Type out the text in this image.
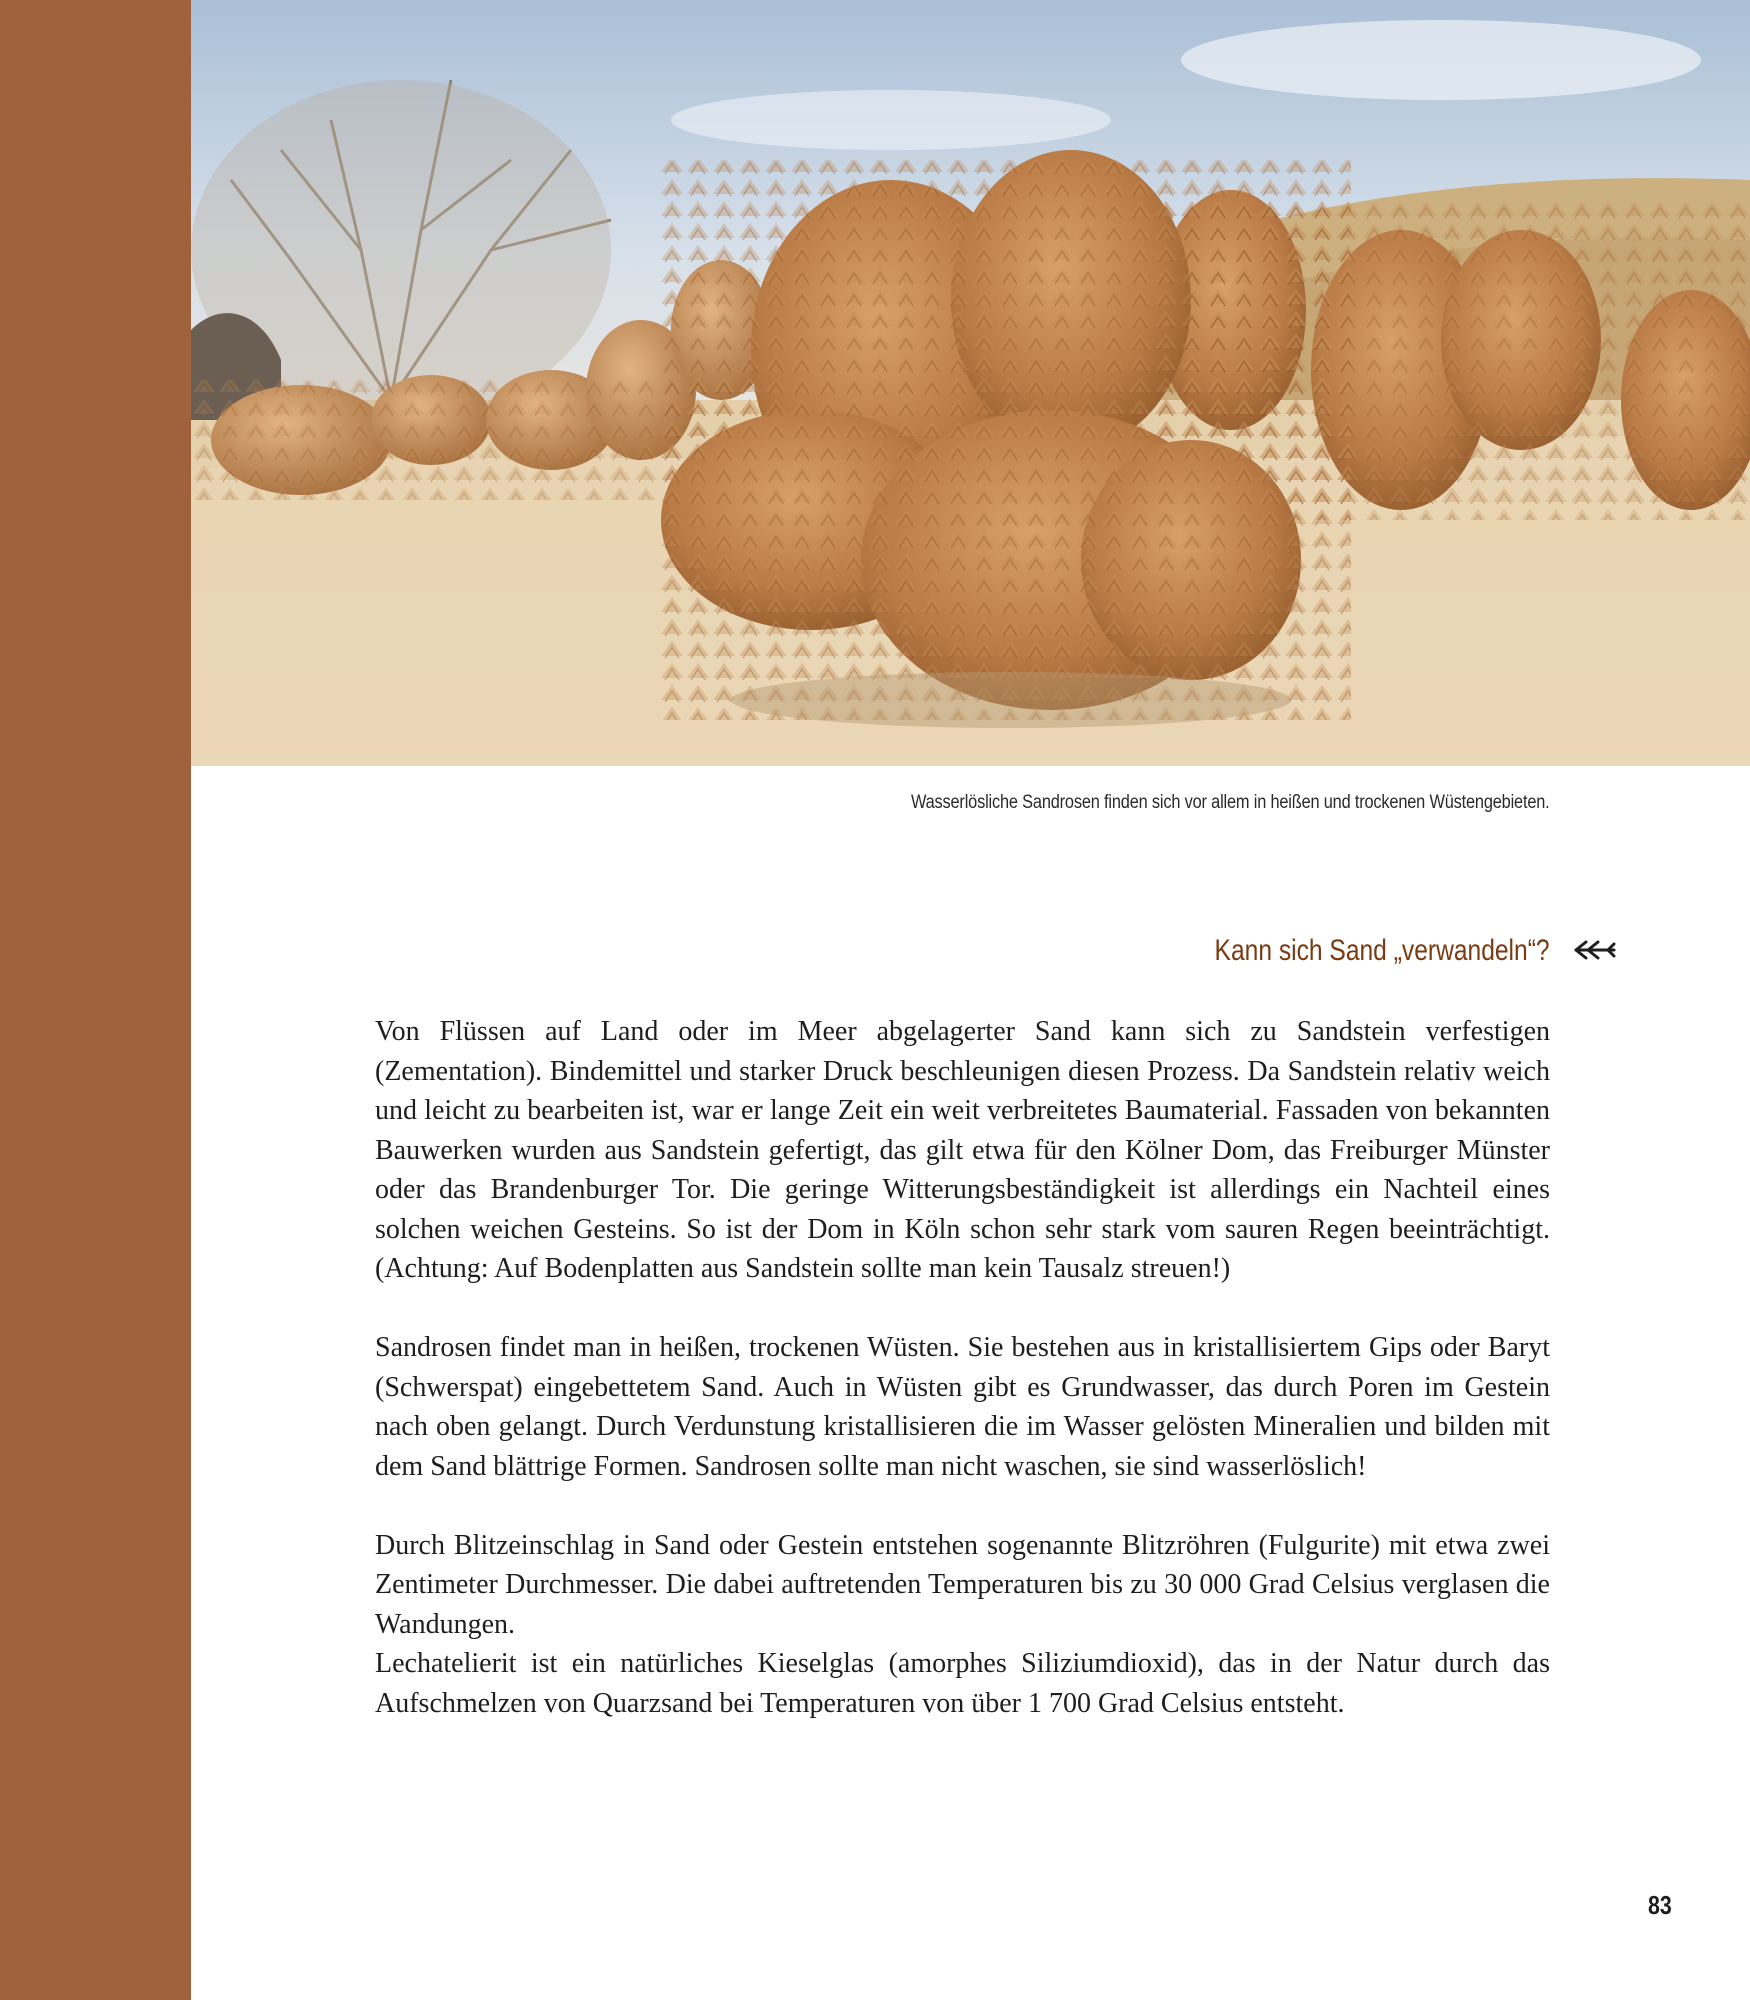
Wasserlösliche Sandrosen finden sich vor allem in heißen und trockenen Wüstengebieten.
Kann sich Sand „verwandeln“?

Von Flüssen auf Land oder im Meer abgelagerter Sand kann sich zu Sandstein verfestigen (Zementation). Bindemittel und starker Druck beschleunigen diesen Prozess. Da Sandstein relativ weich und leicht zu bearbeiten ist, war er lange Zeit ein weit verbreitetes Baumaterial. Fassaden von bekannten Bauwerken wurden aus Sandstein gefertigt, das gilt etwa für den Kölner Dom, das Freiburger Münster oder das Brandenburger Tor. Die geringe Witterungsbeständigkeit ist allerdings ein Nachteil eines solchen weichen Gesteins. So ist der Dom in Köln schon sehr stark vom sauren Regen beeinträchtigt. (Achtung: Auf Bodenplatten aus Sandstein sollte man kein Tausalz streuen!)

Sandrosen findet man in heißen, trockenen Wüsten. Sie bestehen aus in kristallisiertem Gips oder Baryt (Schwerspat) eingebettetem Sand. Auch in Wüsten gibt es Grundwasser, das durch Poren im Gestein nach oben gelangt. Durch Verdunstung kristallisieren die im Wasser gelösten Mineralien und bilden mit dem Sand blättrige Formen. Sandrosen sollte man nicht waschen, sie sind wasserlöslich!

Durch Blitzeinschlag in Sand oder Gestein entstehen sogenannte Blitzröhren (Fulgurite) mit etwa zwei Zentimeter Durchmesser. Die dabei auftretenden Temperaturen bis zu 30 000 Grad Celsius verglasen die Wandungen.

Lechatelierit ist ein natürliches Kieselglas (amorphes Siliziumdioxid), das in der Natur durch das Aufschmelzen von Quarzsand bei Temperaturen von über 1 700 Grad Celsius entsteht.

83
